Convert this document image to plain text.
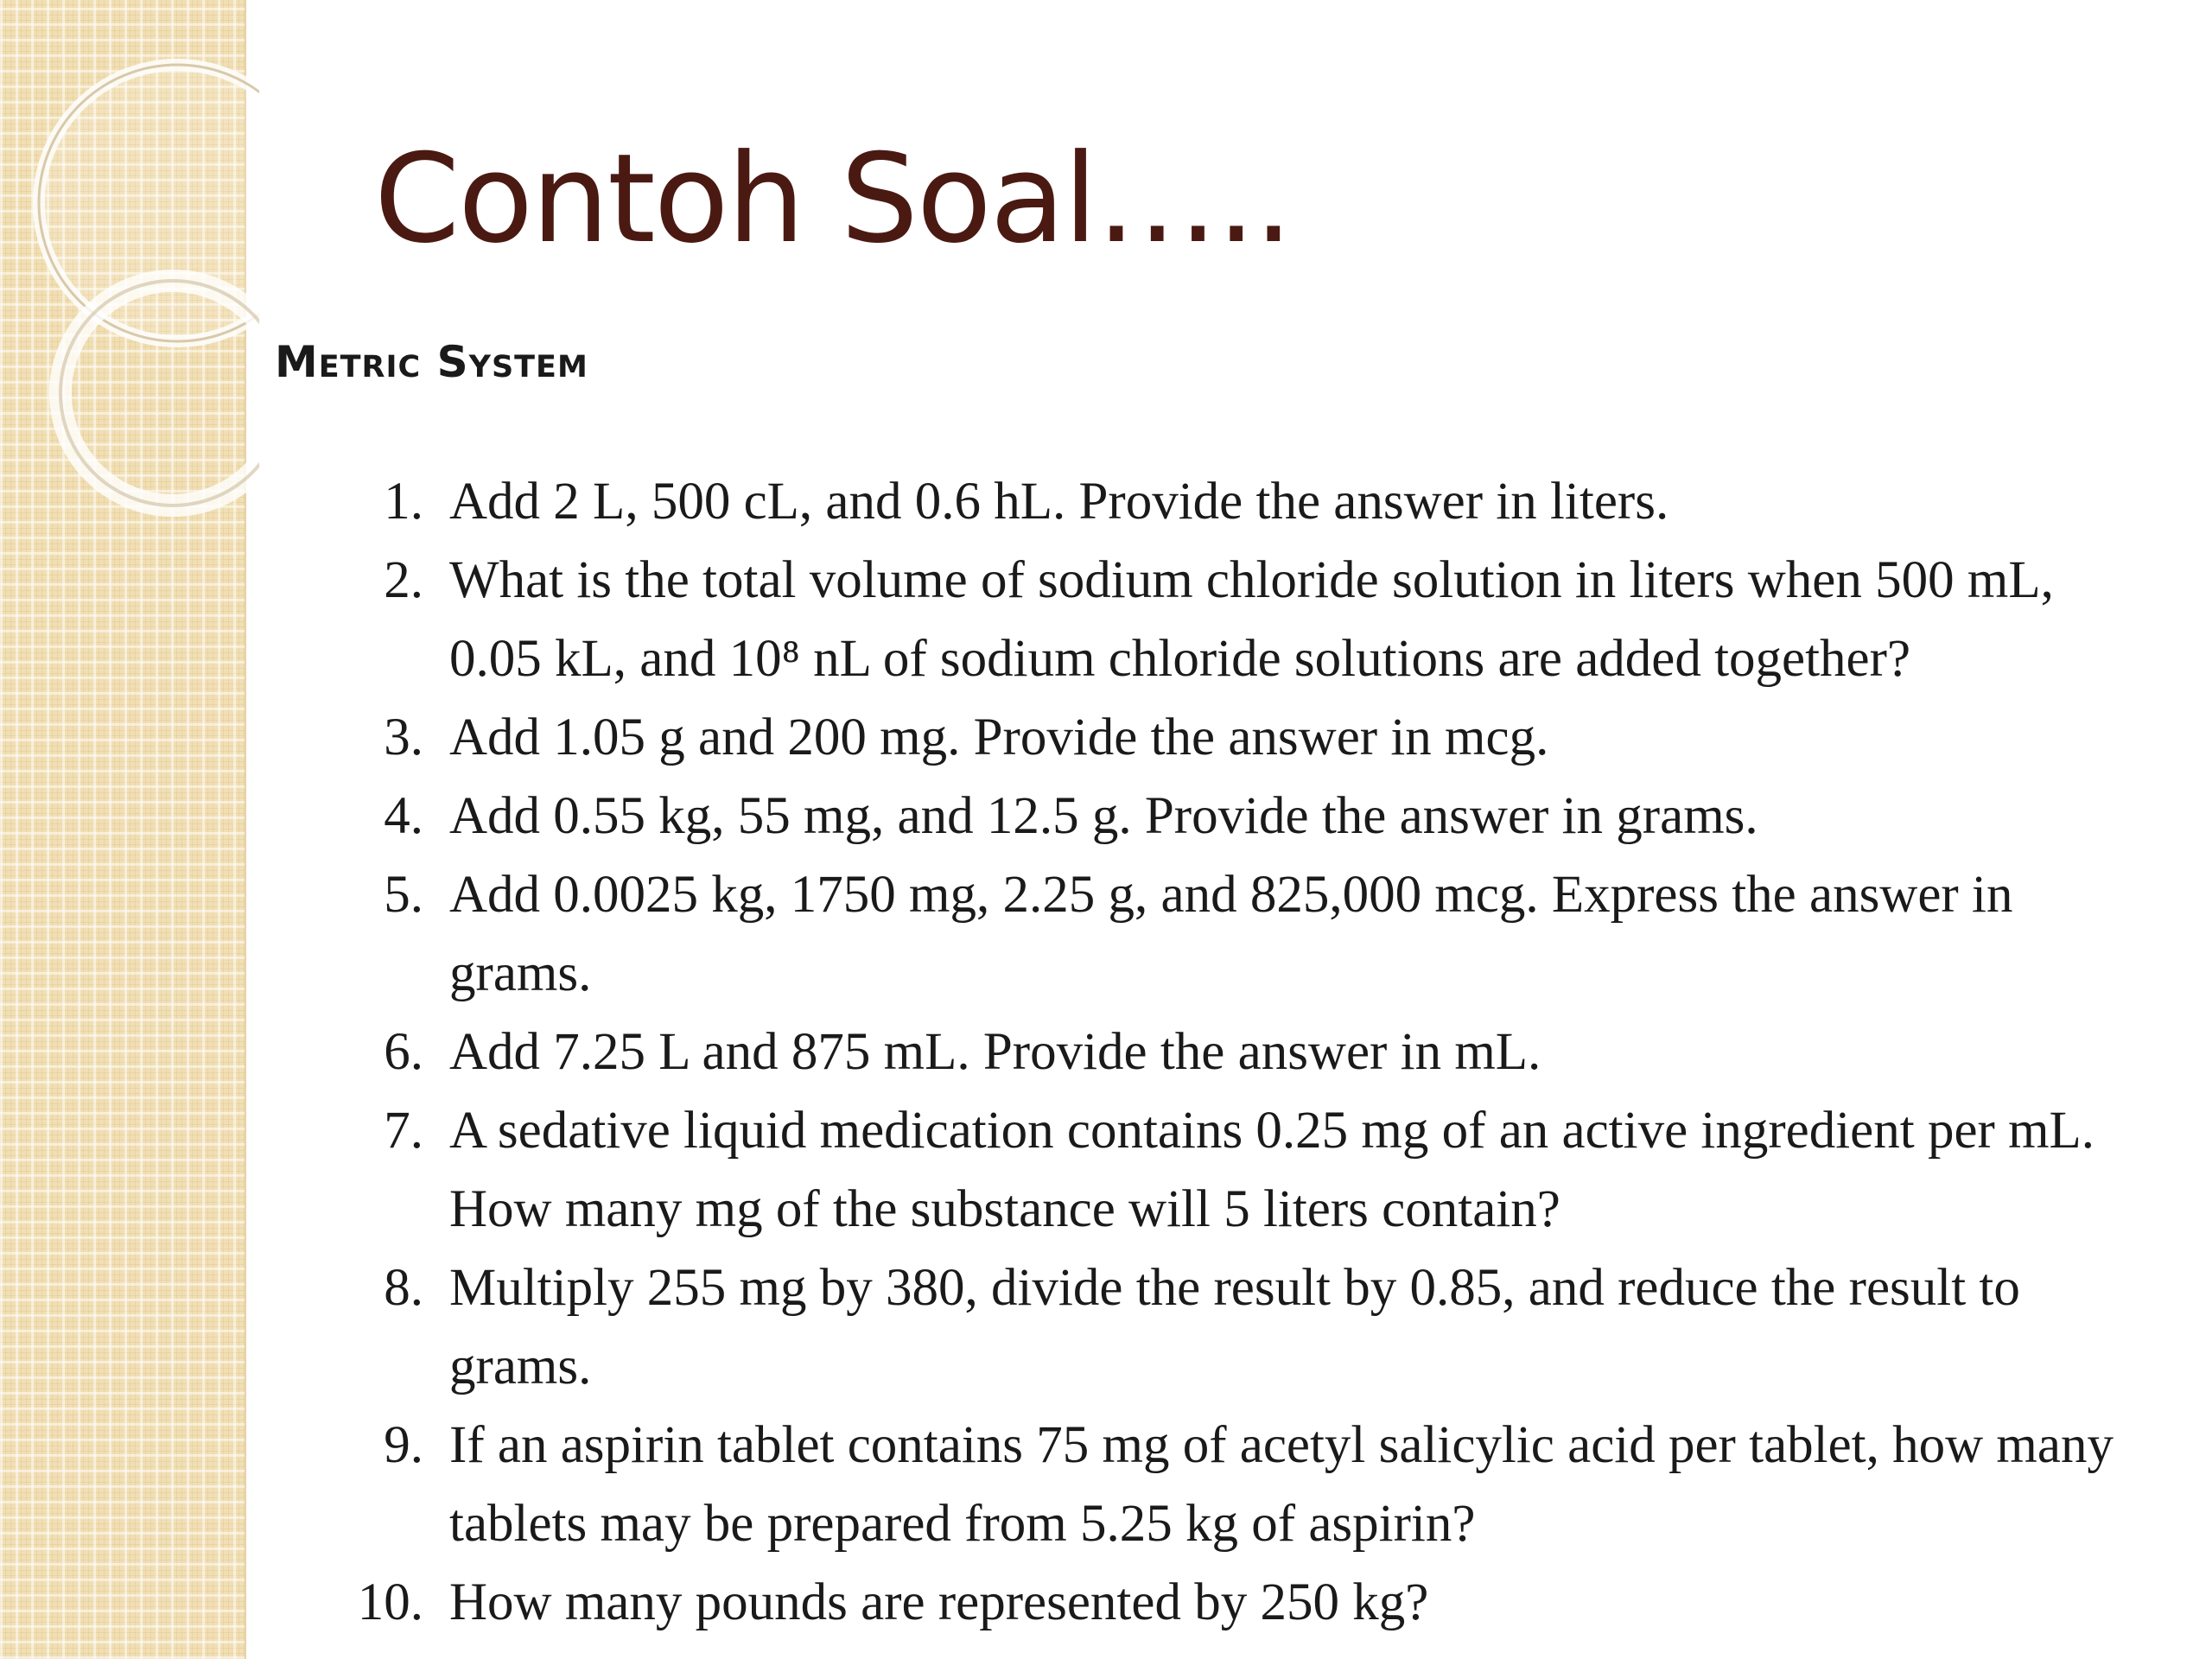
Contoh Soal…..
Metric System
1. Add 2 L, 500 cL, and 0.6 hL. Provide the answer in liters.
2. What is the total volume of sodium chloride solution in liters when 500 mL, 0.05 kL, and 10⁸ nL of sodium chloride solutions are added together?
3. Add 1.05 g and 200 mg. Provide the answer in mcg.
4. Add 0.55 kg, 55 mg, and 12.5 g. Provide the answer in grams.
5. Add 0.0025 kg, 1750 mg, 2.25 g, and 825,000 mcg. Express the answer in grams.
6. Add 7.25 L and 875 mL. Provide the answer in mL.
7. A sedative liquid medication contains 0.25 mg of an active ingredient per mL. How many mg of the substance will 5 liters contain?
8. Multiply 255 mg by 380, divide the result by 0.85, and reduce the result to grams.
9. If an aspirin tablet contains 75 mg of acetyl salicylic acid per tablet, how many tablets may be prepared from 5.25 kg of aspirin?
10. How many pounds are represented by 250 kg?
